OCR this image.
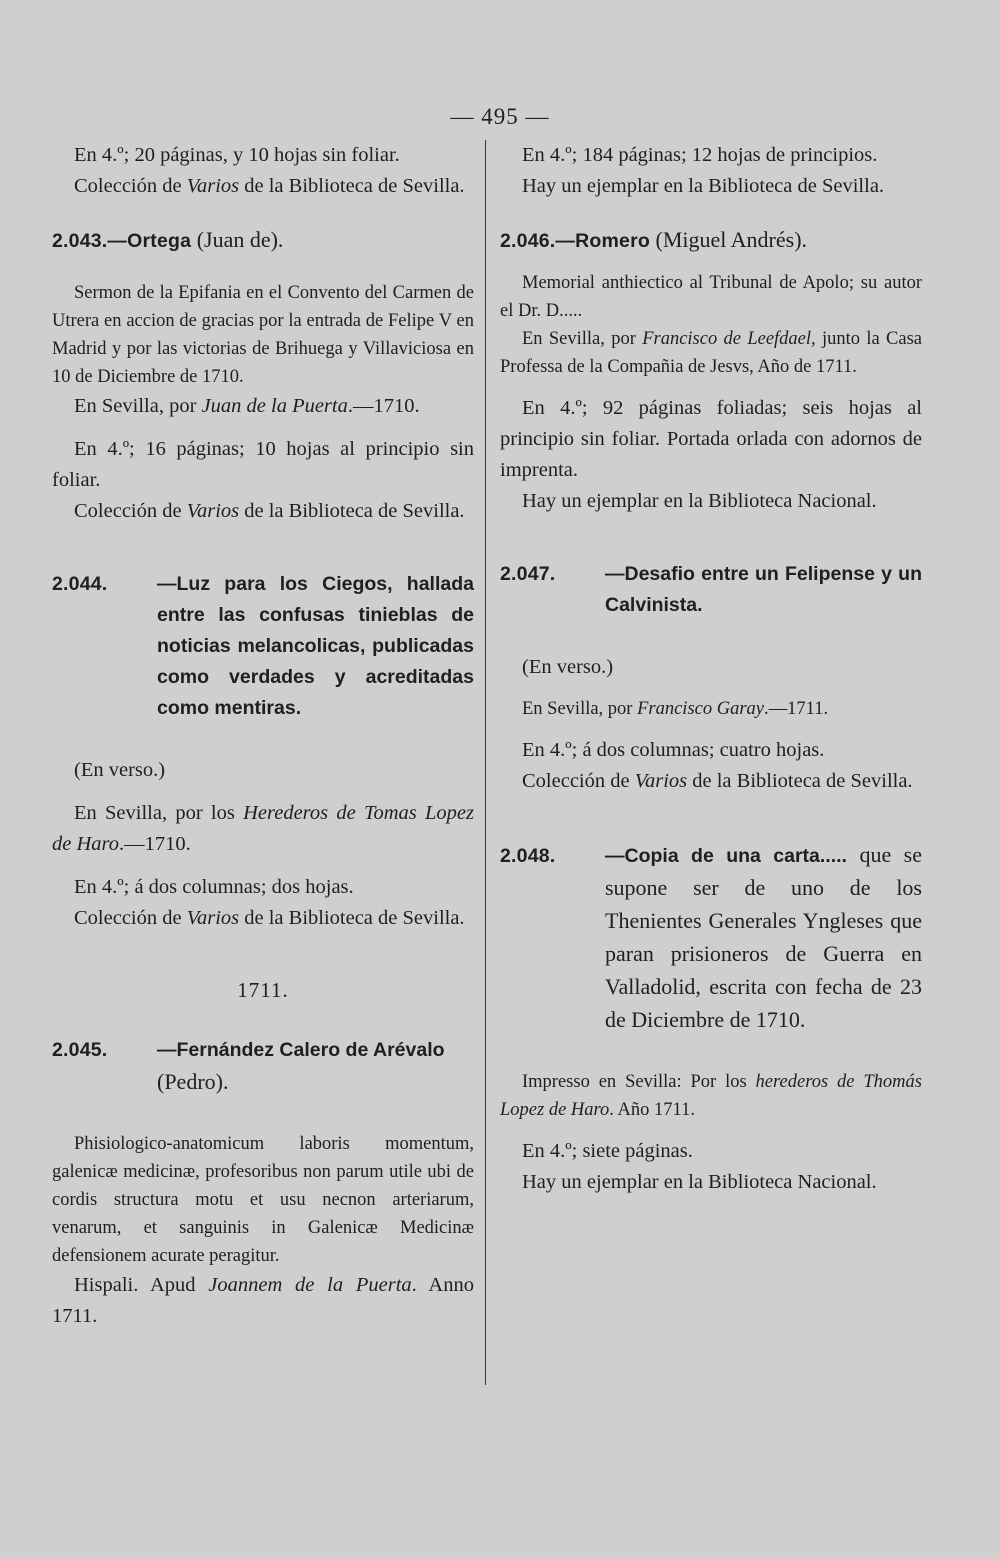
— 495 —

En 4.º; 20 páginas, y 10 hojas sin foliar.

Colección de Varios de la Biblioteca de Sevilla.

2.043.—Ortega (Juan de).

Sermon de la Epifania en el Convento del Carmen de Utrera en accion de gracias por la entrada de Felipe V en Madrid y por las victorias de Brihuega y Villaviciosa en 10 de Diciembre de 1710.

En Sevilla, por Juan de la Puerta.—1710.

En 4.º; 16 páginas; 10 hojas al principio sin foliar.

Colección de Varios de la Biblioteca de Sevilla.

2.044.	—Luz para los Ciegos, hallada entre las confusas tinieblas de noticias melancolicas, publicadas como verdades y acreditadas como mentiras.

(En verso.)

En Sevilla, por los Herederos de Tomas Lopez de Haro.—1710.

En 4.º; á dos columnas; dos hojas.

Colección de Varios de la Biblioteca de Sevilla.

1711.

2.045.	—Fernández Calero de Arévalo
(Pedro).

Phisiologico-anatomicum laboris momentum, galenicæ medicinæ, profesoribus non parum utile ubi de cordis structura motu et usu necnon arteriarum, venarum, et sanguinis in Galenicæ Medicinæ defensionem acurate peragitur.

Hispali. Apud Joannem de la Puerta. Anno 1711.

En 4.º; 184 páginas; 12 hojas de principios.

Hay un ejemplar en la Biblioteca de Sevilla.

2.046.—Romero (Miguel Andrés).

Memorial anthiectico al Tribunal de Apolo; su autor el Dr. D.....

En Sevilla, por Francisco de Leefdael, junto la Casa Professa de la Compañia de Jesvs, Año de 1711.

En 4.º; 92 páginas foliadas; seis hojas al principio sin foliar. Portada orlada con adornos de imprenta.

Hay un ejemplar en la Biblioteca Nacional.

2.047.	—Desafio entre un Felipense y un Calvinista.

(En verso.)

En Sevilla, por Francisco Garay.—1711.

En 4.º; á dos columnas; cuatro hojas.

Colección de Varios de la Biblioteca de Sevilla.

2.048.	—Copia de una carta..... que se supone ser de uno de los Thenientes Generales Yngleses que paran prisioneros de Guerra en Valladolid, escrita con fecha de 23 de Diciembre de 1710.

Impresso en Sevilla: Por los herederos de Thomás Lopez de Haro. Año 1711.

En 4.º; siete páginas.

Hay un ejemplar en la Biblioteca Nacional.
